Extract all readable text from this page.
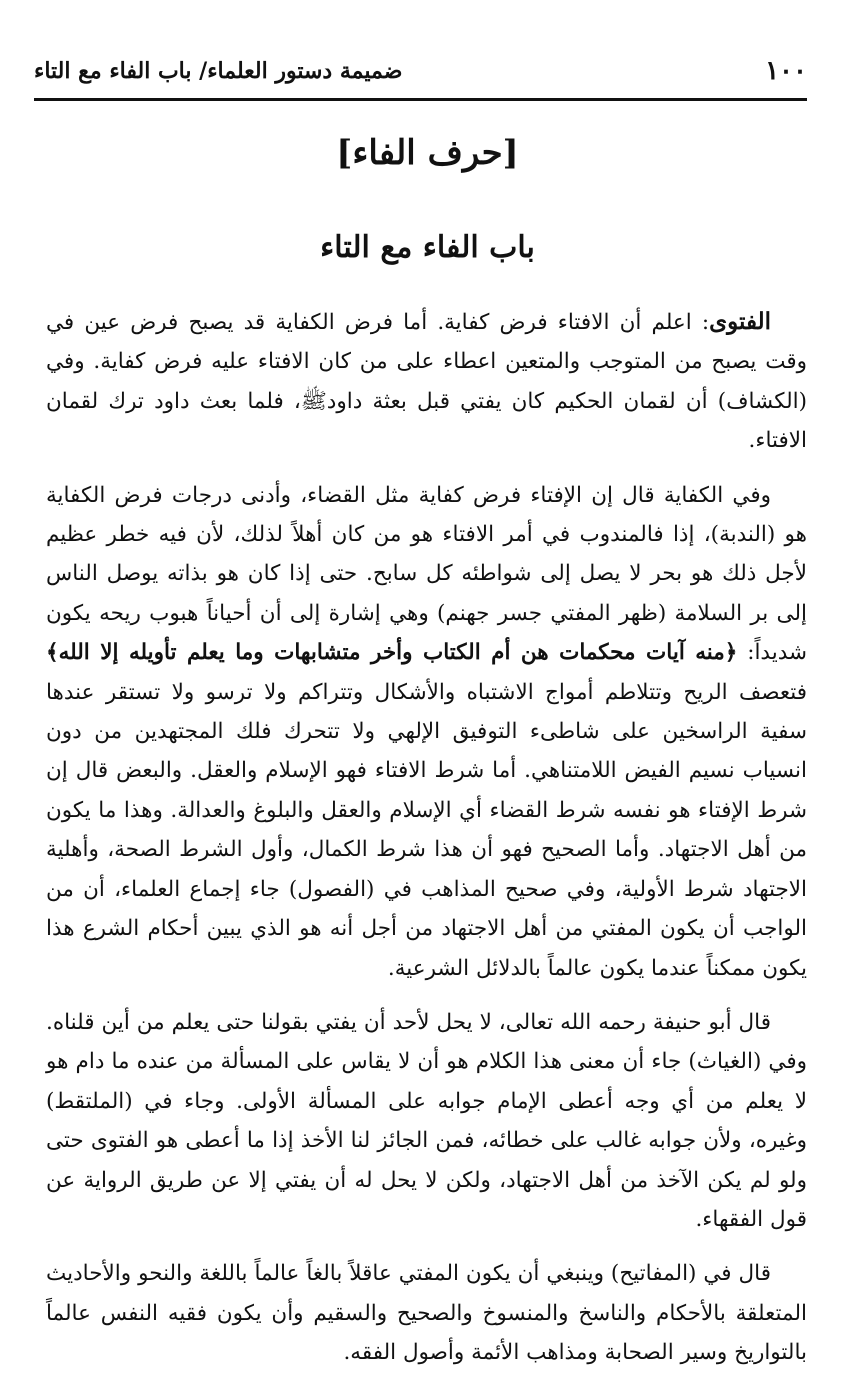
١٠٠
ضميمة دستور العلماء/ باب الفاء مع التاء
[حرف الفاء]
باب الفاء مع التاء

الفتوى: اعلم أن الافتاء فرض كفاية. أما فرض الكفاية قد يصبح فرض عين في وقت يصبح من المتوجب والمتعين اعطاء على من كان الافتاء عليه فرض كفاية. وفي (الكشاف) أن لقمان الحكيم كان يفتي قبل بعثة داودﷺ، فلما بعث داود ترك لقمان الافتاء.

وفي الكفاية قال إن الإفتاء فرض كفاية مثل القضاء، وأدنى درجات فرض الكفاية هو (الندبة)، إذا فالمندوب في أمر الافتاء هو من كان أهلاً لذلك، لأن فيه خطر عظيم لأجل ذلك هو بحر لا يصل إلى شواطئه كل سابح. حتى إذا كان هو بذاته يوصل الناس إلى بر السلامة (ظهر المفتي جسر جهنم) وهي إشارة إلى أن أحياناً هبوب ريحه يكون شديداً: ﴿منه آيات محكمات هن أم الكتاب وأخر متشابهات وما يعلم تأويله إلا الله﴾ فتعصف الريح وتتلاطم أمواج الاشتباه والأشكال وتتراكم ولا ترسو ولا تستقر عندها سفية الراسخين على شاطىء التوفيق الإلهي ولا تتحرك فلك المجتهدين من دون انسياب نسيم الفيض اللامتناهي. أما شرط الافتاء فهو الإسلام والعقل. والبعض قال إن شرط الإفتاء هو نفسه شرط القضاء أي الإسلام والعقل والبلوغ والعدالة. وهذا ما يكون من أهل الاجتهاد. وأما الصحيح فهو أن هذا شرط الكمال، وأول الشرط الصحة، وأهلية الاجتهاد شرط الأولية، وفي صحيح المذاهب في (الفصول) جاء إجماع العلماء، أن من الواجب أن يكون المفتي من أهل الاجتهاد من أجل أنه هو الذي يبين أحكام الشرع هذا يكون ممكناً عندما يكون عالماً بالدلائل الشرعية.

قال أبو حنيفة رحمه الله تعالى، لا يحل لأحد أن يفتي بقولنا حتى يعلم من أين قلناه. وفي (الغياث) جاء أن معنى هذا الكلام هو أن لا يقاس على المسألة من عنده ما دام هو لا يعلم من أي وجه أعطى الإمام جوابه على المسألة الأولى. وجاء في (الملتقط) وغيره، ولأن جوابه غالب على خطائه، فمن الجائز لنا الأخذ إذا ما أعطى هو الفتوى حتى ولو لم يكن الآخذ من أهل الاجتهاد، ولكن لا يحل له أن يفتي إلا عن طريق الرواية عن قول الفقهاء.

قال في (المفاتيح) وينبغي أن يكون المفتي عاقلاً بالغاً عالماً باللغة والنحو والأحاديث المتعلقة بالأحكام والناسخ والمنسوخ والصحيح والسقيم وأن يكون فقيه النفس عالماً بالتواريخ وسير الصحابة ومذاهب الأئمة وأصول الفقه.
